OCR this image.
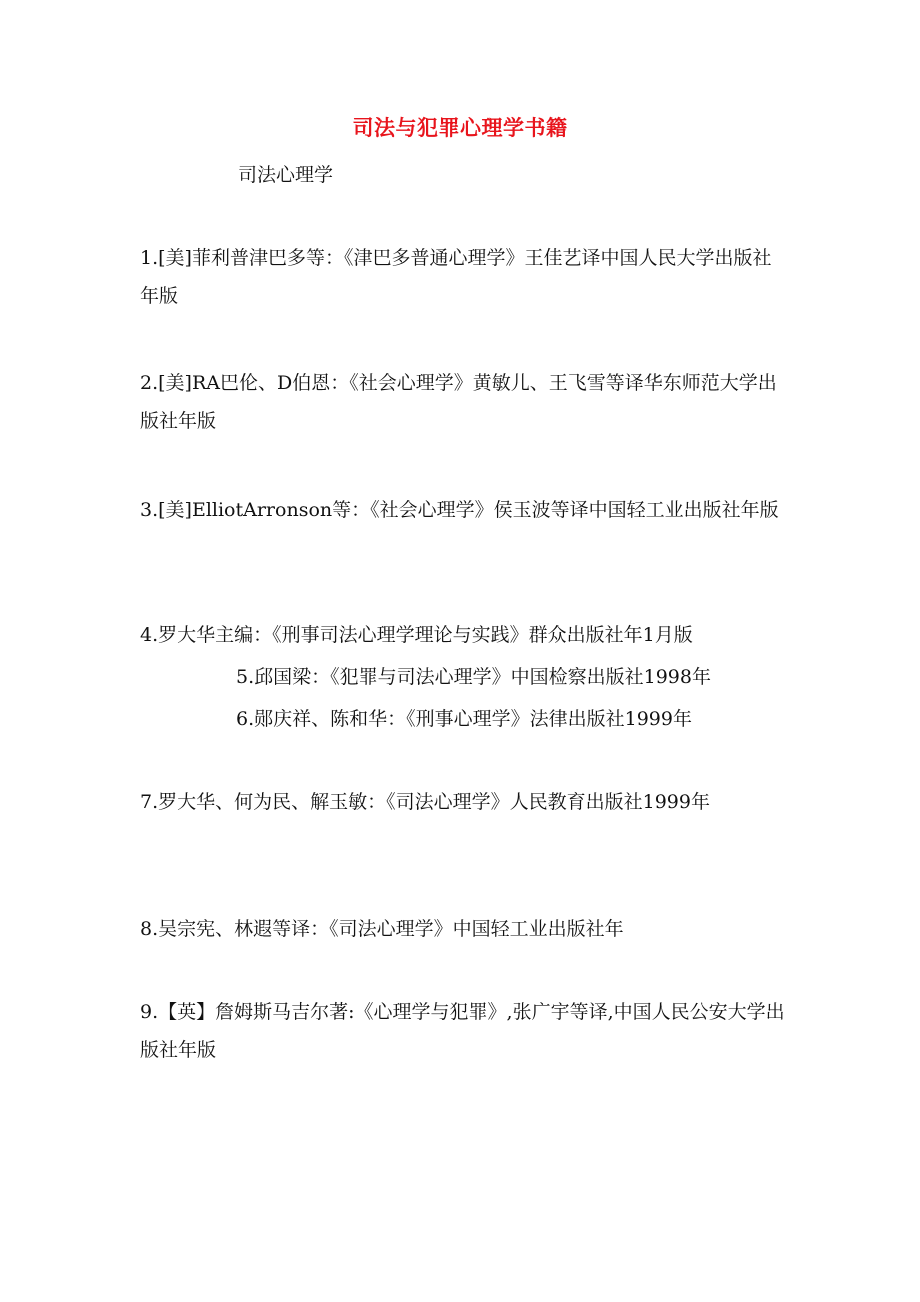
司法与犯罪心理学书籍
司法心理学
1.[美]菲利普津巴多等：《津巴多普通心理学》王佳艺译中国人民大学出版社年版
2.[美]RA巴伦、D伯恩：《社会心理学》黄敏儿、王飞雪等译华东师范大学出版社年版
3.[美]ElliotArronson等：《社会心理学》侯玉波等译中国轻工业出版社年版
4.罗大华主编：《刑事司法心理学理论与实践》群众出版社年1月版
5.邱国梁：《犯罪与司法心理学》中国检察出版社1998年
6.郧庆祥、陈和华：《刑事心理学》法律出版社1999年
7.罗大华、何为民、解玉敏：《司法心理学》人民教育出版社1999年
8.吴宗宪、林遐等译：《司法心理学》中国轻工业出版社年
9.【英】詹姆斯马吉尔著:《心理学与犯罪》,张广宇等译,中国人民公安大学出版社年版
